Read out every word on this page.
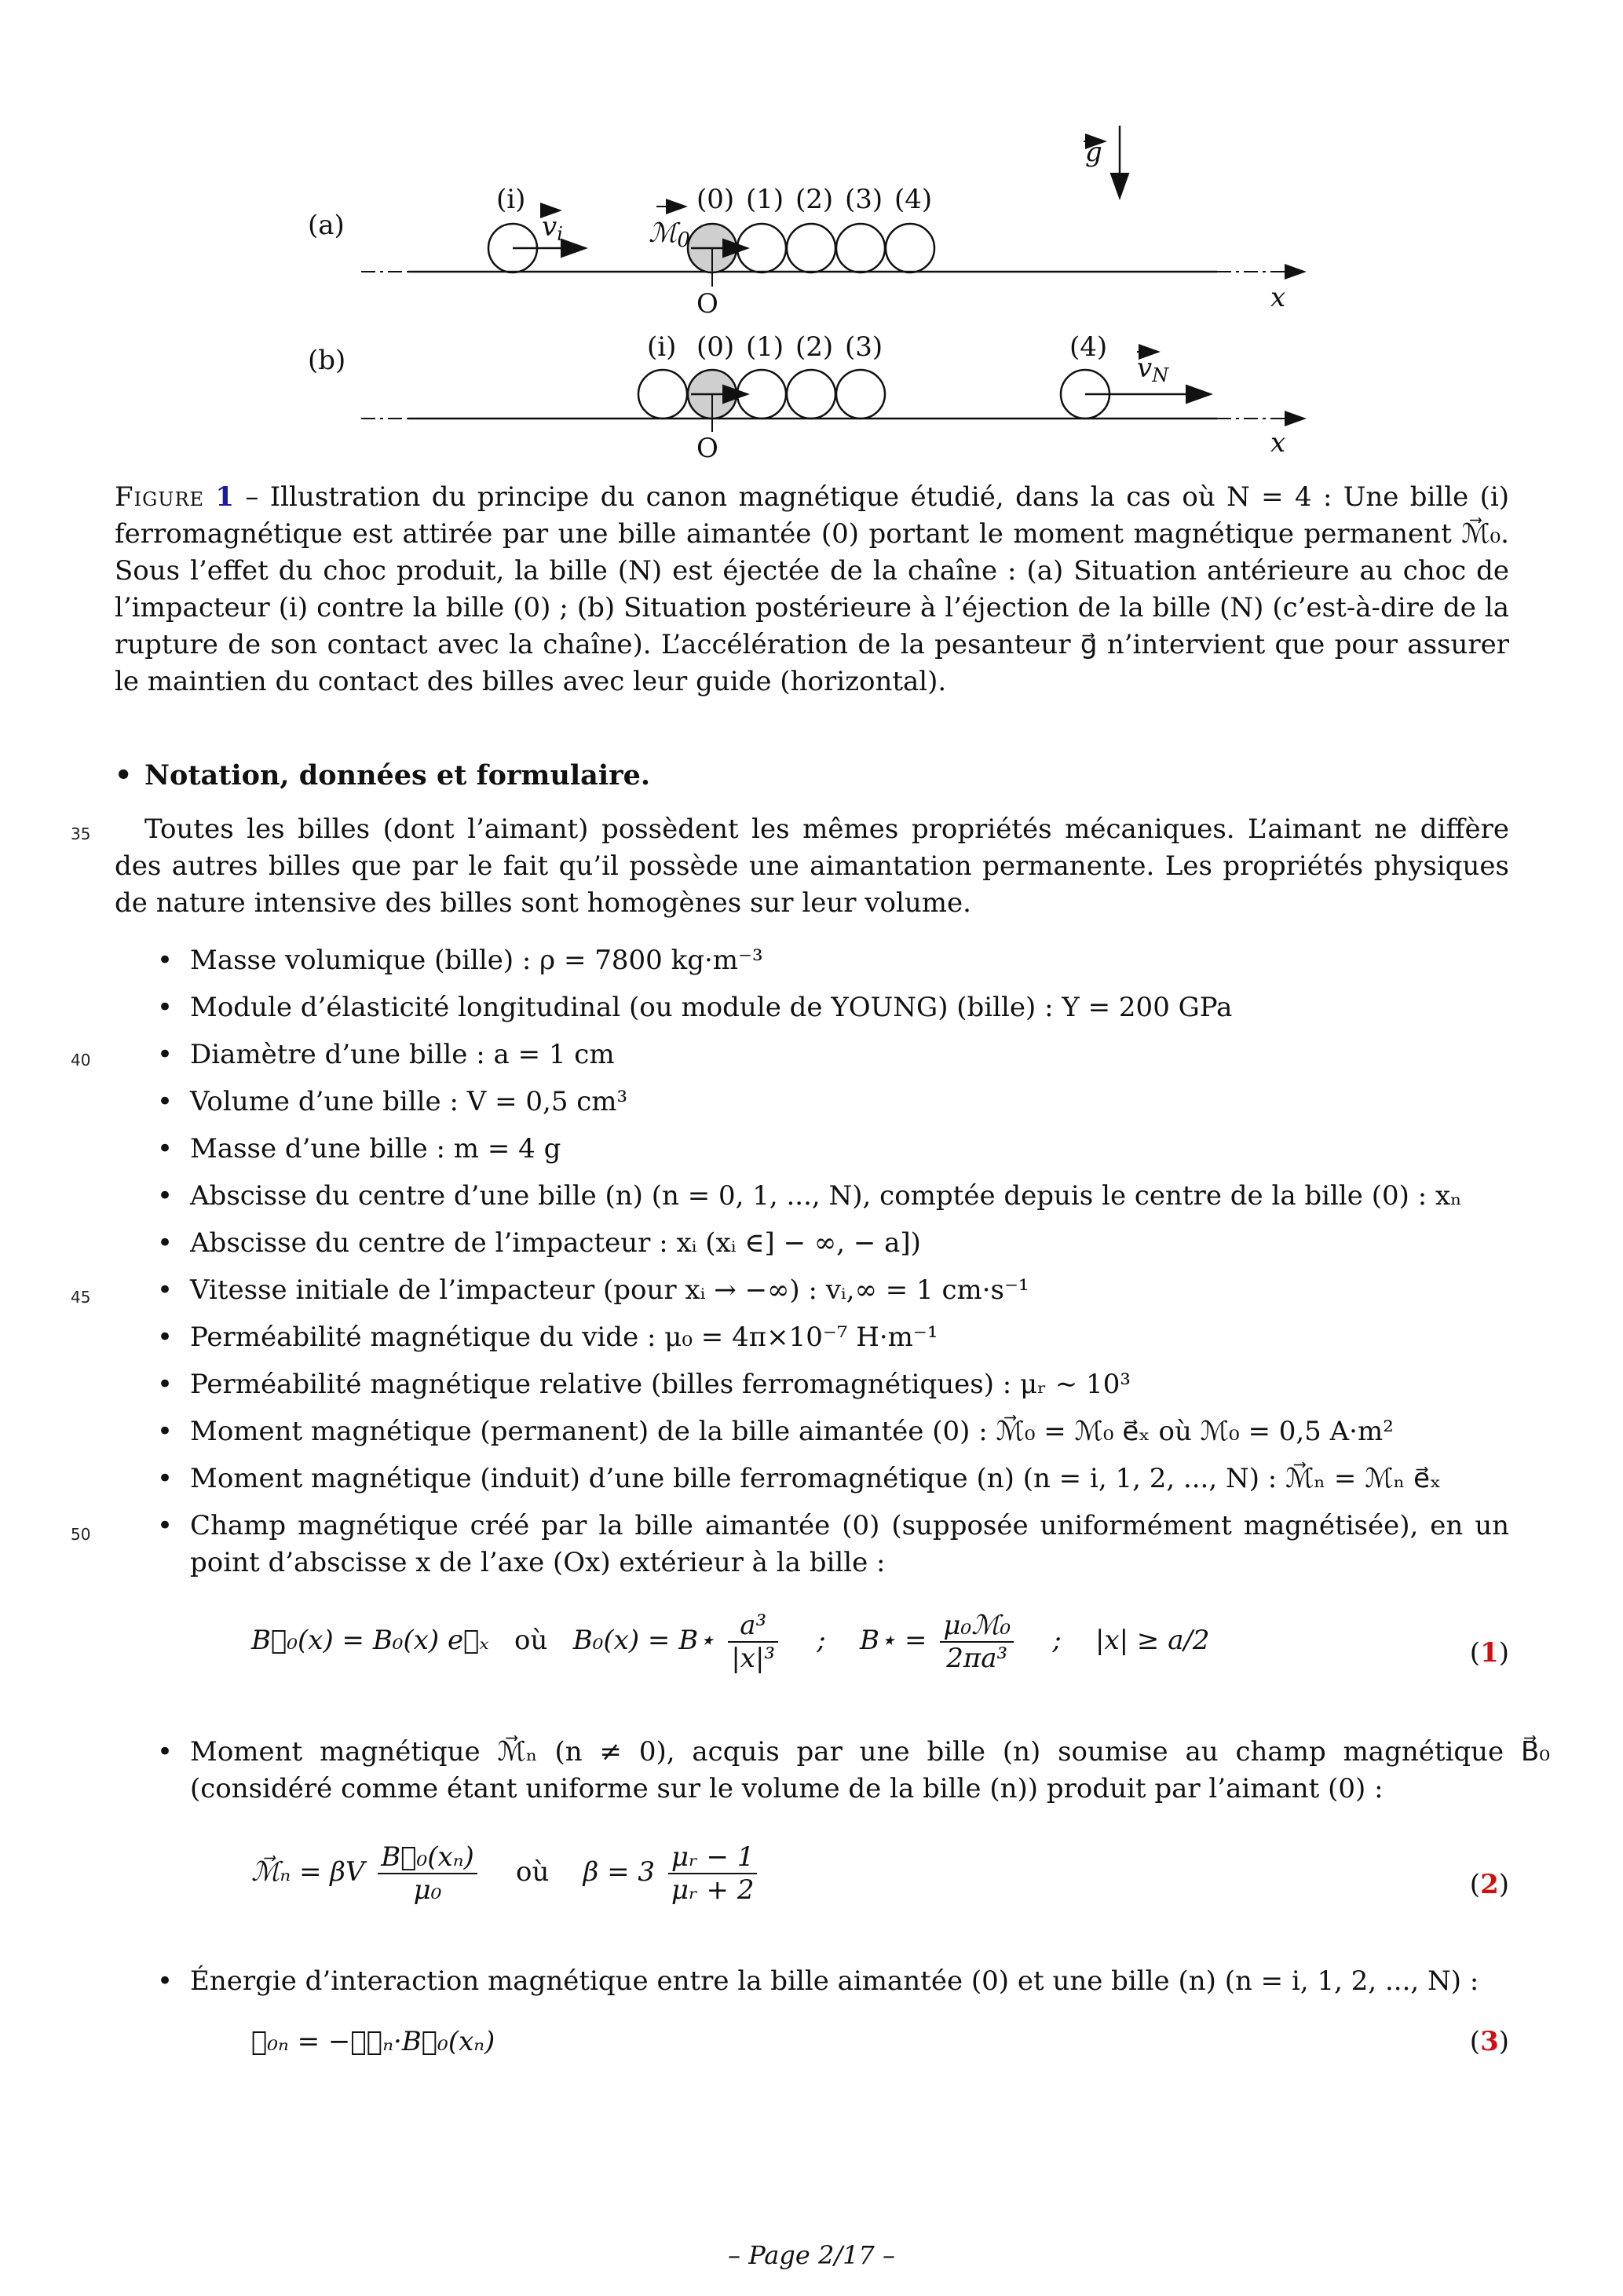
(a)
x
(i)
vi	ℳ0
O
(0) (1) (2) (3) (4)
g
(b)
x
(i) (0) (1) (2) (3)
O
(4)
vN
Figure 1 – Illustration du principe du canon magnétique étudié, dans la cas où N = 4 : Une bille (i) ferromagnétique est attirée par une bille aimantée (0) portant le moment magnétique permanent ℳ⃗₀. Sous l’effet du choc produit, la bille (N) est éjectée de la chaîne : (a) Situation antérieure au choc de l’impacteur (i) contre la bille (0) ; (b) Situation postérieure à l’éjection de la bille (N) (c’est-à-dire de la rupture de son contact avec la chaîne). L’accélération de la pesanteur g⃗ n’intervient que pour assurer le maintien du contact des billes avec leur guide (horizontal).
• Notation, données et formulaire.
35	Toutes les billes (dont l’aimant) possèdent les mêmes propriétés mécaniques. L’aimant ne diffère des autres billes que par le fait qu’il possède une aimantation permanente. Les propriétés physiques de nature intensive des billes sont homogènes sur leur volume.
40
45
50
• Masse volumique (bille) : ρ = 7800 kg·m⁻³
• Module d’élasticité longitudinal (ou module de YOUNG) (bille) : Y = 200 GPa
• Diamètre d’une bille : a = 1 cm
• Volume d’une bille : V = 0,5 cm³
• Masse d’une bille : m = 4 g
• Abscisse du centre d’une bille (n) (n = 0, 1, ..., N), comptée depuis le centre de la bille (0) : xₙ
• Abscisse du centre de l’impacteur : xᵢ (xᵢ ∈] − ∞, − a])
• Vitesse initiale de l’impacteur (pour xᵢ → −∞) : vᵢ,∞ = 1 cm·s⁻¹
• Perméabilité magnétique du vide : μ₀ = 4π×10⁻⁷ H·m⁻¹
• Perméabilité magnétique relative (billes ferromagnétiques) : μᵣ ∼ 10³
• Moment magnétique (permanent) de la bille aimantée (0) : ℳ⃗₀ = ℳ₀ e⃗ₓ où ℳ₀ = 0,5 A·m²
• Moment magnétique (induit) d’une bille ferromagnétique (n) (n = i, 1, 2, ..., N) : ℳ⃗ₙ = ℳₙ e⃗ₓ
• Champ magnétique créé par la bille aimantée (0) (supposée uniformément magnétisée), en un point d’abscisse x de l’axe (Ox) extérieur à la bille :
B⃗₀(x) = B₀(x) e⃗ₓ où B₀(x) = B⋆ $\frac{\text{a³}}{\text{|x|³}}$ ; B⋆ = $\frac{\text{μ₀ℳ₀}}{\text{2πa³}}$ ; |x| ≥ a/2	(1)
• Moment magnétique ℳ⃗ₙ (n ≠ 0), acquis par une bille (n) soumise au champ magnétique B⃗₀ (considéré comme étant uniforme sur le volume de la bille (n)) produit par l’aimant (0) :
ℳ⃗ₙ = βV $\frac{\text{B⃗₀(xₙ)}}{\text{μ₀}}$ où $\beta = 3 \frac{\text{μᵣ − 1}}{\text{μᵣ + 2}}$	(2)
• Énergie d’interaction magnétique entre la bille aimantée (0) et une bille (n) (n = i, 1, 2, ..., N) :
ℰ₀ₙ = −ℳ⃗ₙ·B⃗₀(xₙ)	(3)
– Page 2/17 –
